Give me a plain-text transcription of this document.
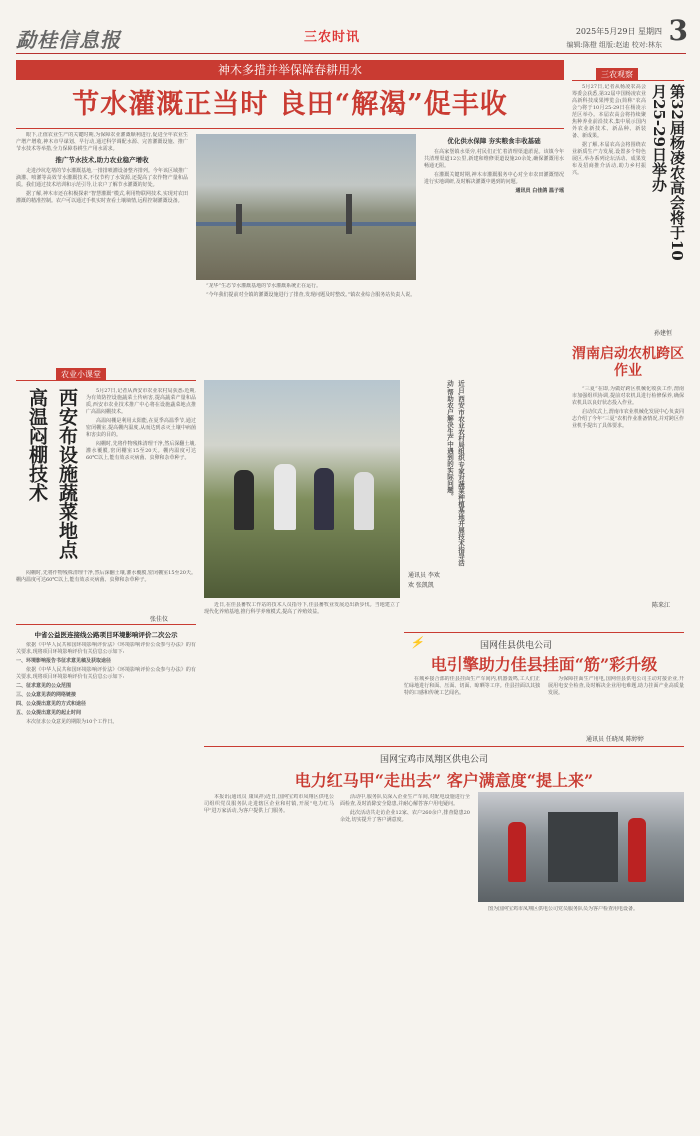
勐桂信息报	三农时讯	2025年5月29日 星期四 3
编辑:陈橙 组版:赵迪 校对:林东
神木多措并举保障春耕用水
节水灌溉正当时 良田“解渴”促丰收

眼下,正值农业生产的关键时期,为保障农业灌溉顺利进行,促进全年农业生产增产增收,神木市早谋划、早行动,通过科学调配水源、完善灌溉设施、推广节水技术等举措,全力保障春耕生产用水需求。

推广节水技术,助力农业稳产增收

走进沙坑圪堵的节水灌溉基地,一排排喷灌设备整齐排列。今年该区域推广滴灌、喷灌等高效节水灌溉技术,不仅节约了水资源,还提高了农作物产量和品质。我们通过技术培训和示范引导,让农户了解节水灌溉的好处。

据了解,神木市还在积极探索“智慧灌溉”模式,利用物联网技术,实现对农田灌溉的精准控制。农户可以通过手机实时查看土壤墒情,远程控制灌溉设备。

“龙华”生态节水灌溉基地的节水灌溉系统正在运行。

“今年我们提前对全镇的灌溉设施进行了排查,发现问题及时整改。”镇农业综合服务站负责人说。

优化供水保障 夯实粮食丰收基础

在高家堡镇水渠旁,村民们正忙着清理渠道淤泥。该镇今年共清理渠道12公里,新建和维修渠道设施20余处,确保灌溉用水畅通无阻。

在灌溉关键时期,神木市灌溉服务中心对全市农田灌溉情况进行实地调研,及时解决灌溉中遇到的问题。

通讯员 白佳鸽 温子瑶
农业小课堂
西安布设施蔬菜地点高温闷棚技术	5月27日,记者从西安市农业农村局获悉:近期,为有效防控设施蔬菜土传病害,提高蔬菜产量和品质,西安市农业技术推广中心将在设施蔬菜地点推广高温闷棚技术。

高温闷棚是利用太阳能,在夏季高温季节,通过密闭棚室,提高棚内温度,从而达到杀灭土壤中病菌和害虫的目的。

闷棚时,先将作物残株清理干净,然后深翻土壤,灌水覆膜,密闭棚室15至20天。棚内温度可达60℃以上,能有效杀灭病菌、虫卵和杂草种子。

闷棚时,先将作物残株清理干净,然后深翻土壤,灌水覆膜,密闭棚室15至20天。棚内温度可达60℃以上,能有效杀灭病菌、虫卵和杂草种子。

张佳仪
中省公益医连接线公路项目环境影响评价二次公示

依据《中华人民共和国环境影响评价法》《环境影响评价公众参与办法》的有关要求,现将项目环境影响评价有关信息公示如下:

一、环境影响报告书征求意见稿及获取途径

依据《中华人民共和国环境影响评价法》《环境影响评价公众参与办法》的有关要求,现将项目环境影响评价有关信息公示如下:

二、征求意见的公众范围

三、公众意见表的网络链接

四、公众提出意见的方式和途径

五、公众提出意见的起止时间

本次征求公众意见的期限为10个工作日。

近日,西安市农业农村局组织专家对蔬菜种植基地开展技术指导活动,帮助农户解决生产中遇到的实际问题。
通讯员 李欢
欢 张凯凯

近日,在佳县畜牧工作站的技术人员指导下,佳县畜牧业发展迈出新步伐。当地建立了现代化养殖基地,推行科学养殖模式,提高了养殖效益。

三农观察
第32届杨凌农高会将于10月25-29日举办

5月27日,记者从杨凌农高会筹委会获悉,第32届中国杨凌农业高新科技成果博览会(简称“农高会”)将于10月25-29日在杨凌示范区举办。本届农高会将持续聚焦种养业前沿技术,集中展示国内外农业新技术、新品种、新装备、新成果。

据了解,本届农高会将围绕农业新质生产力发展,设置多个特色展区,举办系列论坛活动、成果发布及招商推介活动,助力乡村振兴。

孙建恒
渭南启动农机跨区作业

“三夏”在即,为做好跨区机械化收获工作,渭南市加强组织协调,提前对农机具进行检修保养,确保农机具以良好状态投入作业。

启动仪式上,渭南市农业机械化发展中心负责同志介绍了今年“三夏”农机作业准备情况,并对跨区作业机手提出了具体要求。

陈来江
⚡	国网佳县供电公司
电引擎助力佳县挂面“筋”彩升级

在城乡接合部的佳县挂面生产车间内,机器轰鸣,工人们正忙碌地进行和面、压面、切面、晾晒等工序。佳县挂面以其独特的口感和传统工艺闻名。

为保障挂面生产用电,国网佳县供电公司主动对接企业,开展用电安全检查,及时解决企业用电难题,助力挂面产业高质量发展。

通讯员 任晓凤 陈婷婷
国网宝鸡市凤翔区供电公司
电力红马甲“走出去” 客户满意度“提上来”

本报讯(通讯员 康凤祥)近日,国网宝鸡市凤翔区供电公司组织党员服务队走进辖区企业和村镇,开展“电力红马甲”进万家活动,为客户提供上门服务。

活动中,服务队员深入企业生产车间,对配电设施进行全面检查,及时消除安全隐患,并耐心解答客户用电疑问。

此次活动共走访企业12家、农户260余户,排查隐患20余处,切实提升了客户满意度。

图为国网宝鸡市凤翔区供电公司党员服务队员为客户检查用电设备。
